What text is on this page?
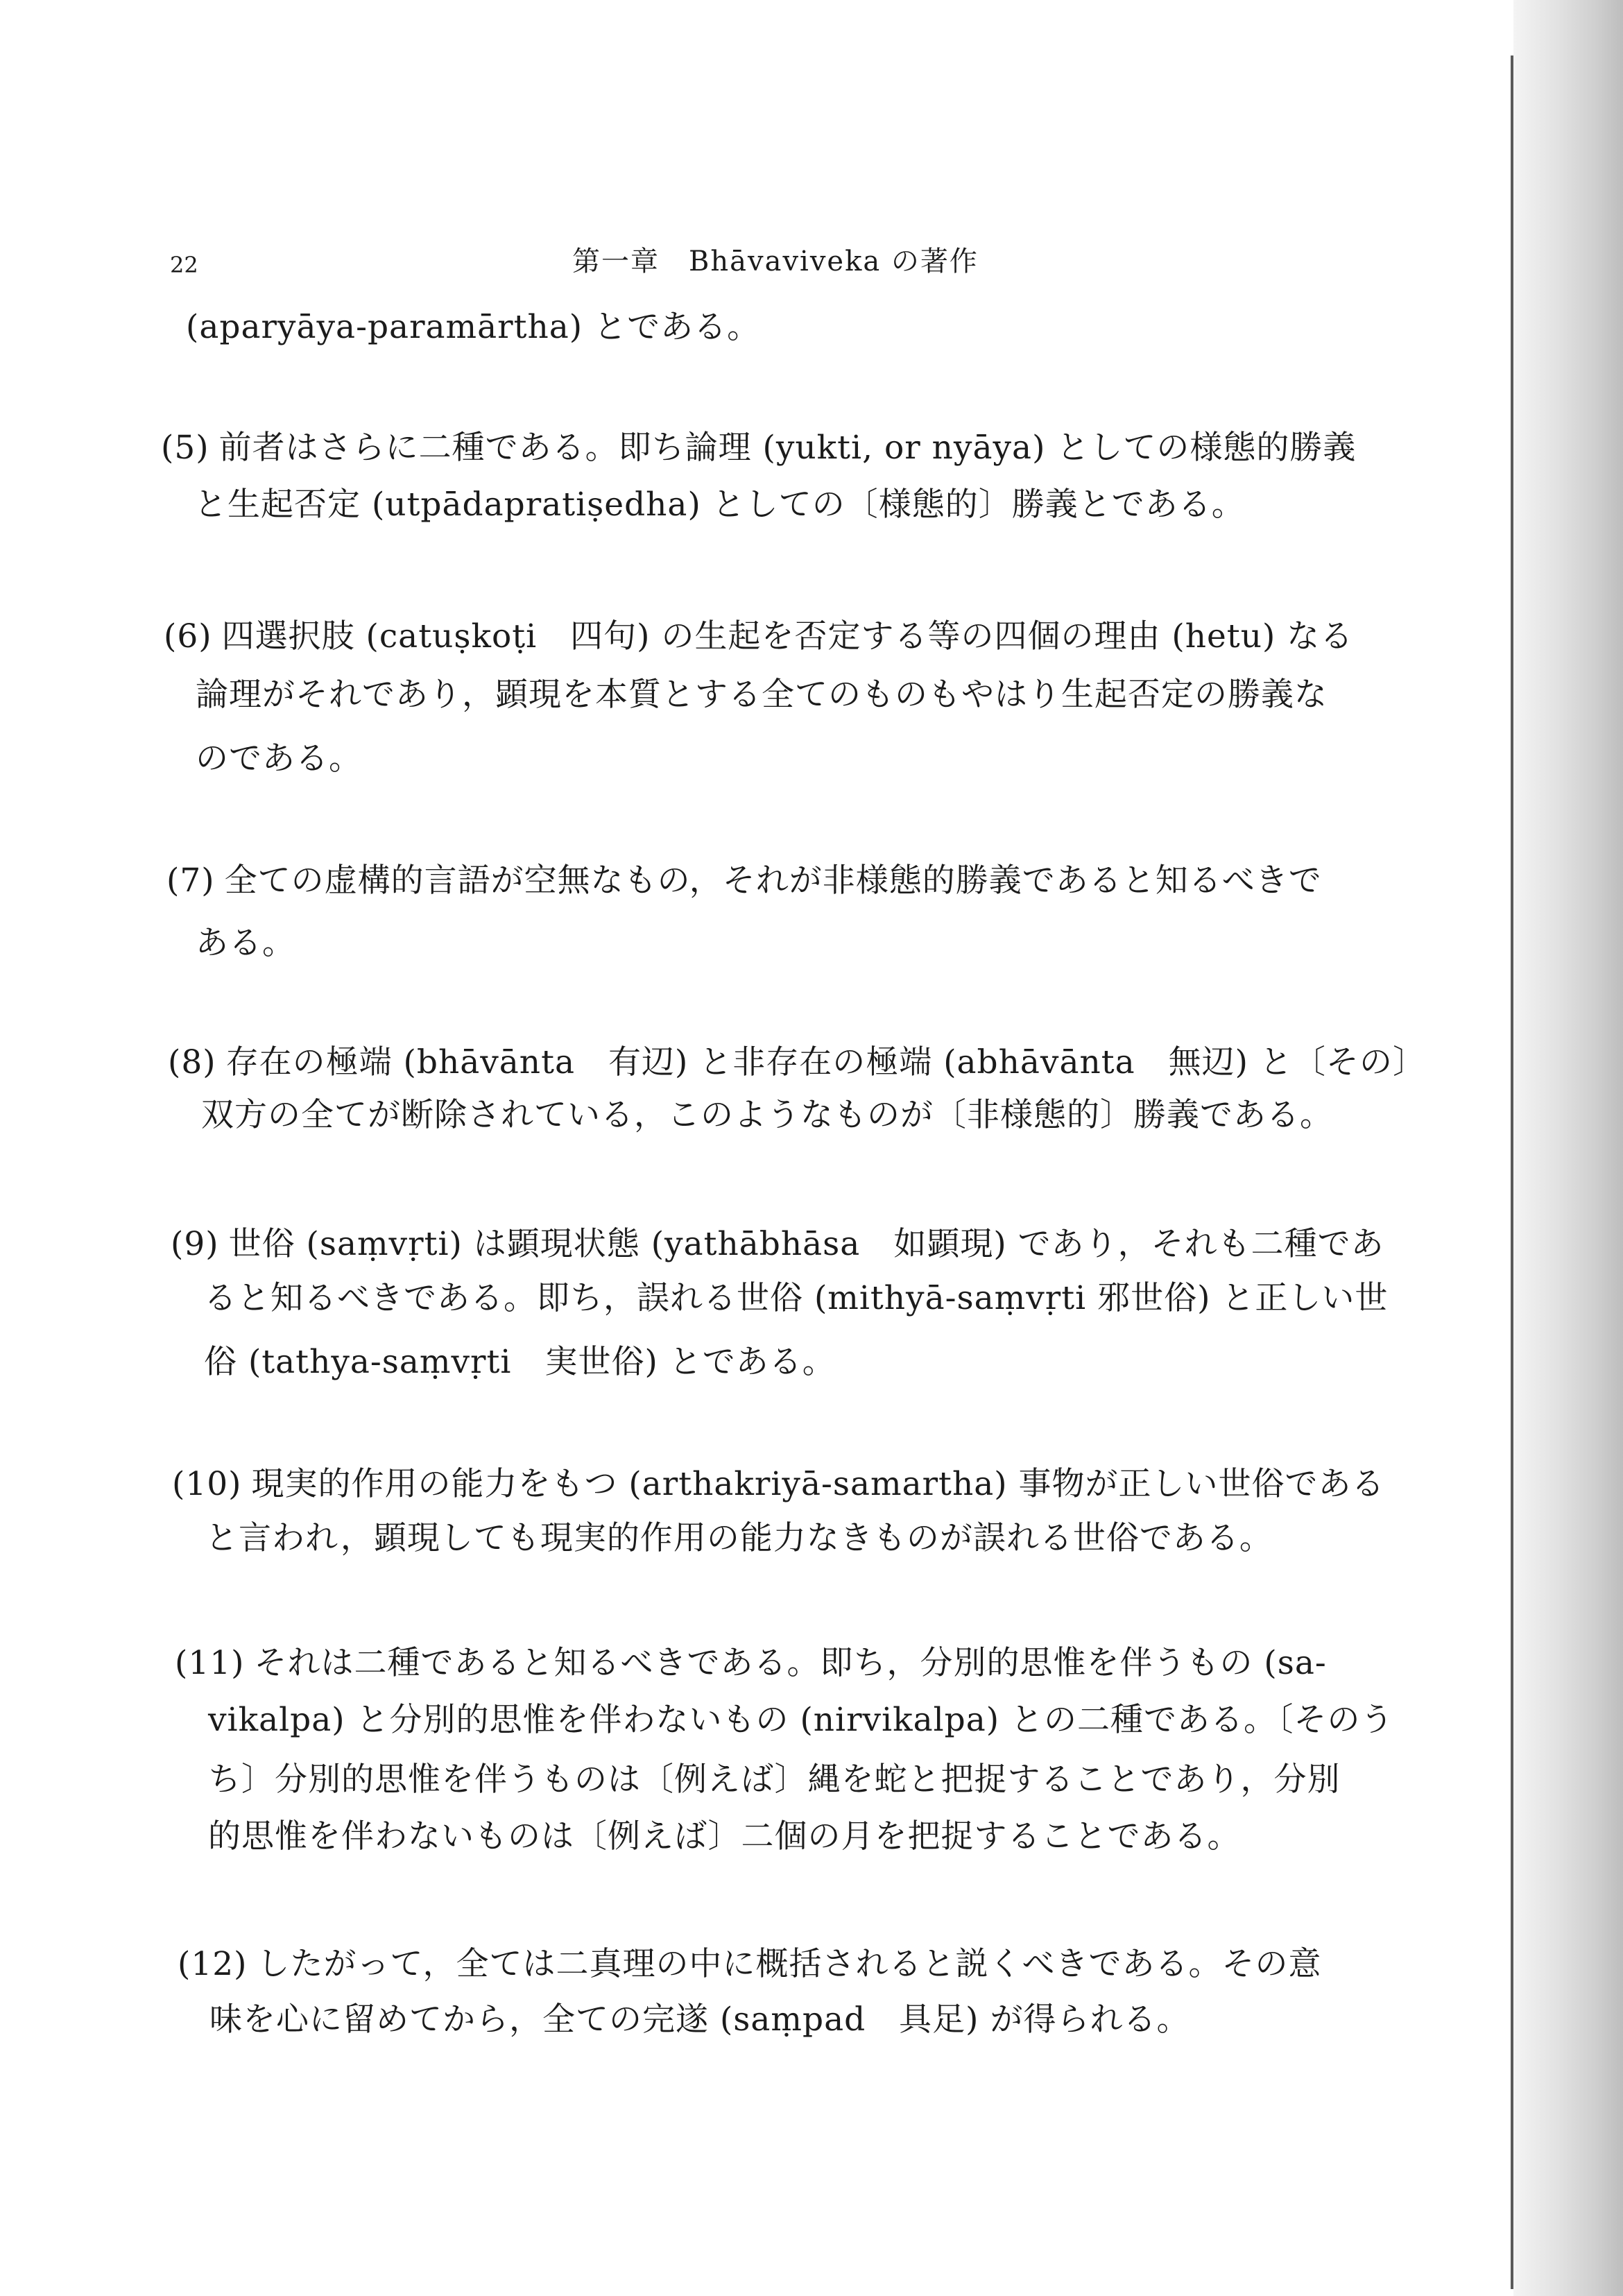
22	第一章　Bhāvaviveka の著作
(aparyāya-paramārtha) とである。
(5) 前者はさらに二種である。即ち論理 (yukti, or nyāya) としての様態的勝義
と生起否定 (utpādapratiṣedha) としての〔様態的〕勝義とである。
(6) 四選択肢 (catuṣkoṭi　四句) の生起を否定する等の四個の理由 (hetu) なる
論理がそれであり，顕現を本質とする全てのものもやはり生起否定の勝義な
のである。
(7) 全ての虚構的言語が空無なもの，それが非様態的勝義であると知るべきで
ある。
(8) 存在の極端 (bhāvānta　有辺) と非存在の極端 (abhāvānta　無辺) と〔その〕
双方の全てが断除されている，このようなものが〔非様態的〕勝義である。
(9) 世俗 (saṃvṛti) は顕現状態 (yathābhāsa　如顕現) であり，それも二種であ
ると知るべきである。即ち，誤れる世俗 (mithyā-saṃvṛti 邪世俗) と正しい世
俗 (tathya-saṃvṛti　実世俗) とである。
(10) 現実的作用の能力をもつ (arthakriyā-samartha) 事物が正しい世俗である
と言われ，顕現しても現実的作用の能力なきものが誤れる世俗である。
(11) それは二種であると知るべきである。即ち，分別的思惟を伴うもの (sa-
vikalpa) と分別的思惟を伴わないもの (nirvikalpa) との二種である。〔そのう
ち〕分別的思惟を伴うものは〔例えば〕縄を蛇と把捉することであり，分別
的思惟を伴わないものは〔例えば〕二個の月を把捉することである。
(12) したがって，全ては二真理の中に概括されると説くべきである。その意
味を心に留めてから，全ての完遂 (saṃpad　具足) が得られる。
